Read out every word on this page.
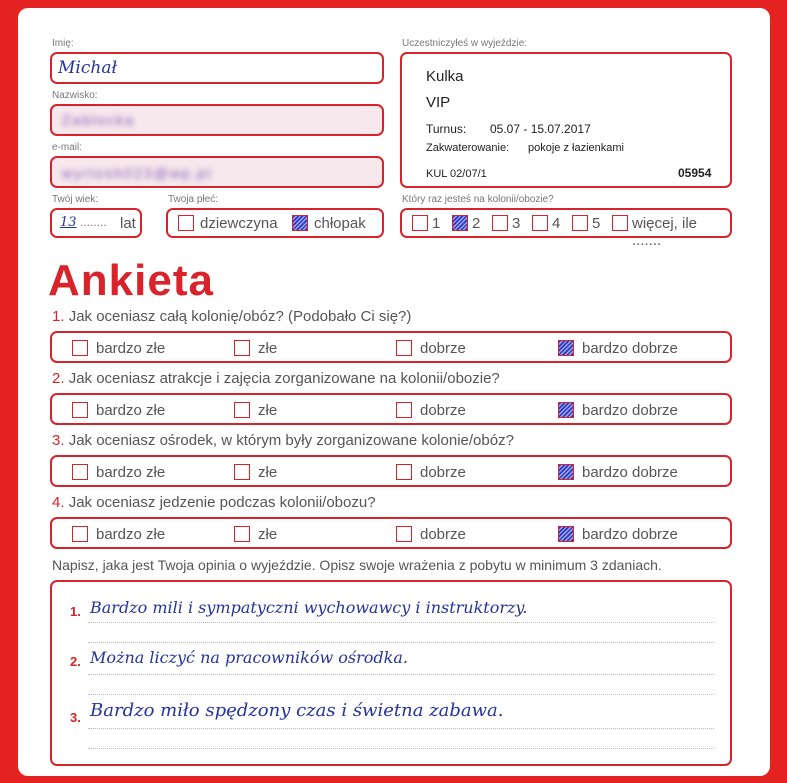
Imię:
Michał
Nazwisko:
Zabłocka
e-mail:
wyrtosh023@wp.pl
Twój wiek:
13 ........ lat
Twoja płeć:
dziewczyna chłopak
Uczestniczyłeś w wyjeździe:
Kulka
VIP
Turnus: 05.07 - 15.07.2017
Zakwaterowanie: pokoje z łazienkami
KUL 02/07/1	05954
Który raz jesteś na kolonii/obozie?
1 2 3 4 5 więcej, ile .......
Ankieta
1. Jak oceniasz całą kolonię/obóz? (Podobało Ci się?)
bardzo złe	złe	dobrze	bardzo dobrze
2. Jak oceniasz atrakcje i zajęcia zorganizowane na kolonii/obozie?
bardzo złe	złe	dobrze	bardzo dobrze
3. Jak oceniasz ośrodek, w którym były zorganizowane kolonie/obóz?
bardzo złe	złe	dobrze	bardzo dobrze
4. Jak oceniasz jedzenie podczas kolonii/obozu?
bardzo złe	złe	dobrze	bardzo dobrze
Napisz, jaka jest Twoja opinia o wyjeździe. Opisz swoje wrażenia z pobytu w minimum 3 zdaniach.
1. Bardzo mili i sympatyczni wychowawcy i instruktorzy.
2. Można liczyć na pracowników ośrodka.
3. Bardzo miło spędzony czas i świetna zabawa.
